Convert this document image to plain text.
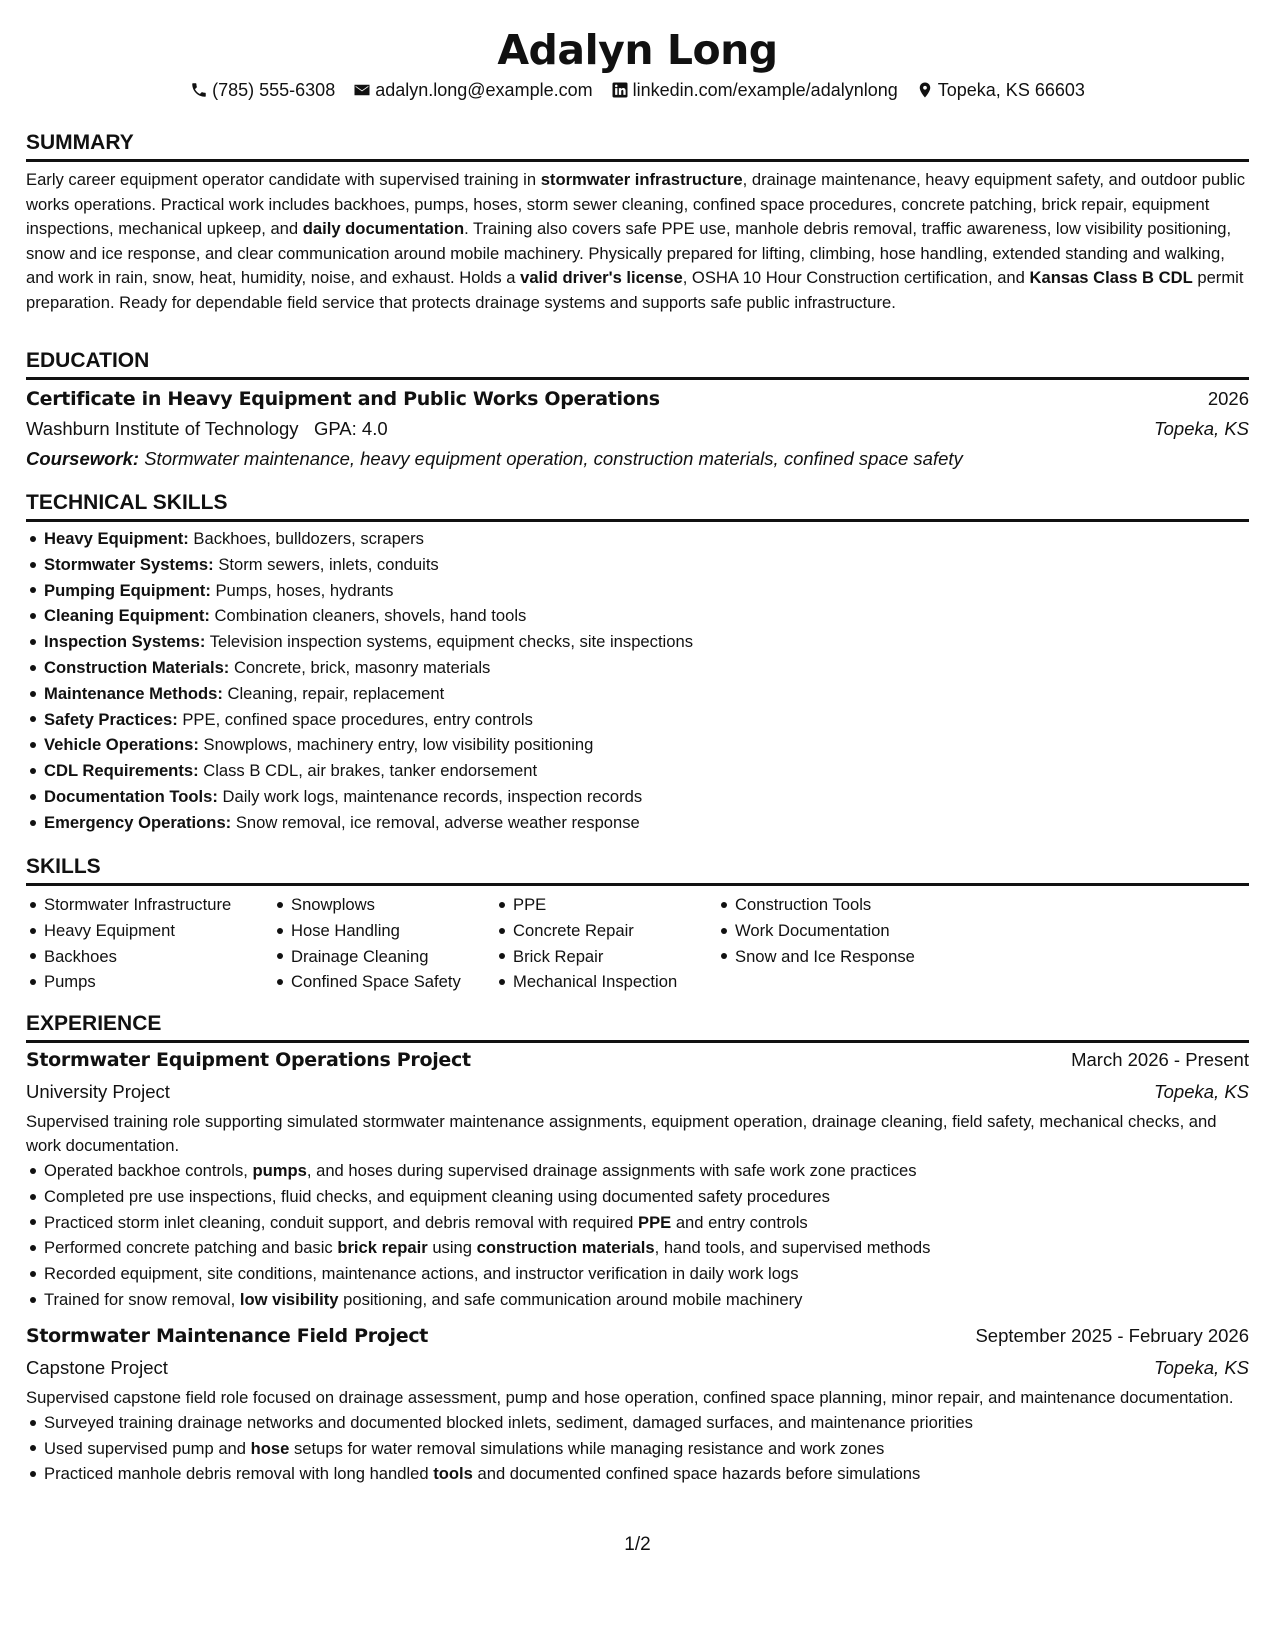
Adalyn Long
(785) 555-6308 adalyn.long@example.com linkedin.com/example/adalynlong Topeka, KS 66603
SUMMARY

Early career equipment operator candidate with supervised training in stormwater infrastructure, drainage maintenance, heavy equipment safety, and outdoor public works operations. Practical work includes backhoes, pumps, hoses, storm sewer cleaning, confined space procedures, concrete patching, brick repair, equipment inspections, mechanical upkeep, and daily documentation. Training also covers safe PPE use, manhole debris removal, traffic awareness, low visibility positioning, snow and ice response, and clear communication around mobile machinery. Physically prepared for lifting, climbing, hose handling, extended standing and walking, and work in rain, snow, heat, humidity, noise, and exhaust. Holds a valid driver's license, OSHA 10 Hour Construction certification, and Kansas Class B CDL permit preparation. Ready for dependable field service that protects drainage systems and supports safe public infrastructure.

EDUCATION
Certificate in Heavy Equipment and Public Works Operations	2026
Washburn Institute of Technology GPA: 4.0	Topeka, KS
Coursework: Stormwater maintenance, heavy equipment operation, construction materials, confined space safety
TECHNICAL SKILLS
Heavy Equipment: Backhoes, bulldozers, scrapers
Stormwater Systems: Storm sewers, inlets, conduits
Pumping Equipment: Pumps, hoses, hydrants
Cleaning Equipment: Combination cleaners, shovels, hand tools
Inspection Systems: Television inspection systems, equipment checks, site inspections
Construction Materials: Concrete, brick, masonry materials
Maintenance Methods: Cleaning, repair, replacement
Safety Practices: PPE, confined space procedures, entry controls
Vehicle Operations: Snowplows, machinery entry, low visibility positioning
CDL Requirements: Class B CDL, air brakes, tanker endorsement
Documentation Tools: Daily work logs, maintenance records, inspection records
Emergency Operations: Snow removal, ice removal, adverse weather response
SKILLS
Stormwater Infrastructure
Heavy Equipment
Backhoes
Pumps
Snowplows
Hose Handling
Drainage Cleaning
Confined Space Safety
PPE
Concrete Repair
Brick Repair
Mechanical Inspection
Construction Tools
Work Documentation
Snow and Ice Response
EXPERIENCE
Stormwater Equipment Operations Project	March 2026 - Present
University Project	Topeka, KS

Supervised training role supporting simulated stormwater maintenance assignments, equipment operation, drainage cleaning, field safety, mechanical checks, and work documentation.

Operated backhoe controls, pumps, and hoses during supervised drainage assignments with safe work zone practices
Completed pre use inspections, fluid checks, and equipment cleaning using documented safety procedures
Practiced storm inlet cleaning, conduit support, and debris removal with required PPE and entry controls
Performed concrete patching and basic brick repair using construction materials, hand tools, and supervised methods
Recorded equipment, site conditions, maintenance actions, and instructor verification in daily work logs
Trained for snow removal, low visibility positioning, and safe communication around mobile machinery
Stormwater Maintenance Field Project	September 2025 - February 2026
Capstone Project	Topeka, KS

Supervised capstone field role focused on drainage assessment, pump and hose operation, confined space planning, minor repair, and maintenance documentation.

Surveyed training drainage networks and documented blocked inlets, sediment, damaged surfaces, and maintenance priorities
Used supervised pump and hose setups for water removal simulations while managing resistance and work zones
Practiced manhole debris removal with long handled tools and documented confined space hazards before simulations
1/2
